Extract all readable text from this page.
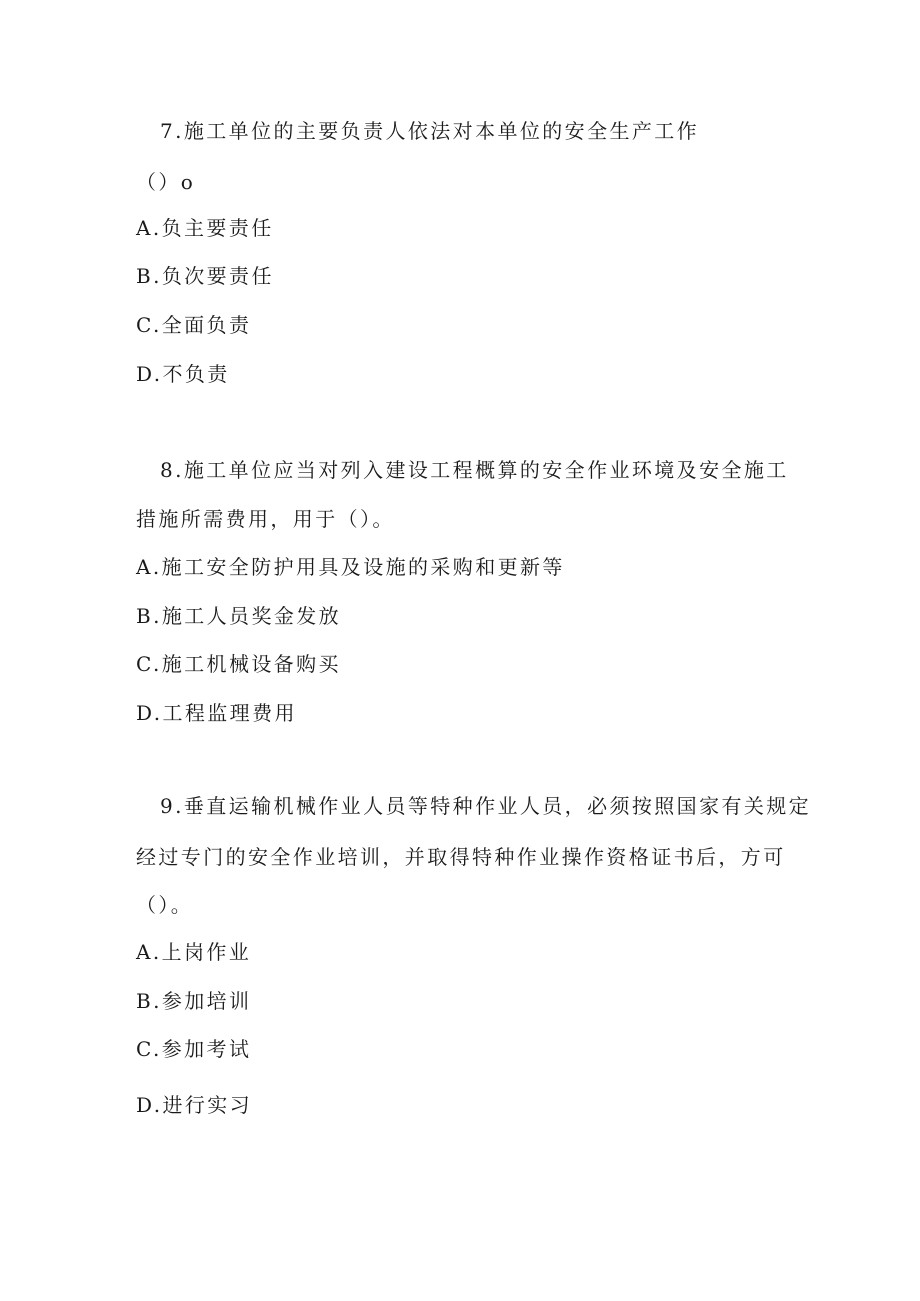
7.施工单位的主要负责人依法对本单位的安全生产工作
（）o
A.负主要责任
B.负次要责任
C.全面负责
D.不负责
8.施工单位应当对列入建设工程概算的安全作业环境及安全施工
措施所需费用，用于（）。
A.施工安全防护用具及设施的采购和更新等
B.施工人员奖金发放
C.施工机械设备购买
D.工程监理费用
9.垂直运输机械作业人员等特种作业人员，必须按照国家有关规定
经过专门的安全作业培训，并取得特种作业操作资格证书后，方可
（）。
A.上岗作业
B.参加培训
C.参加考试
D.进行实习
